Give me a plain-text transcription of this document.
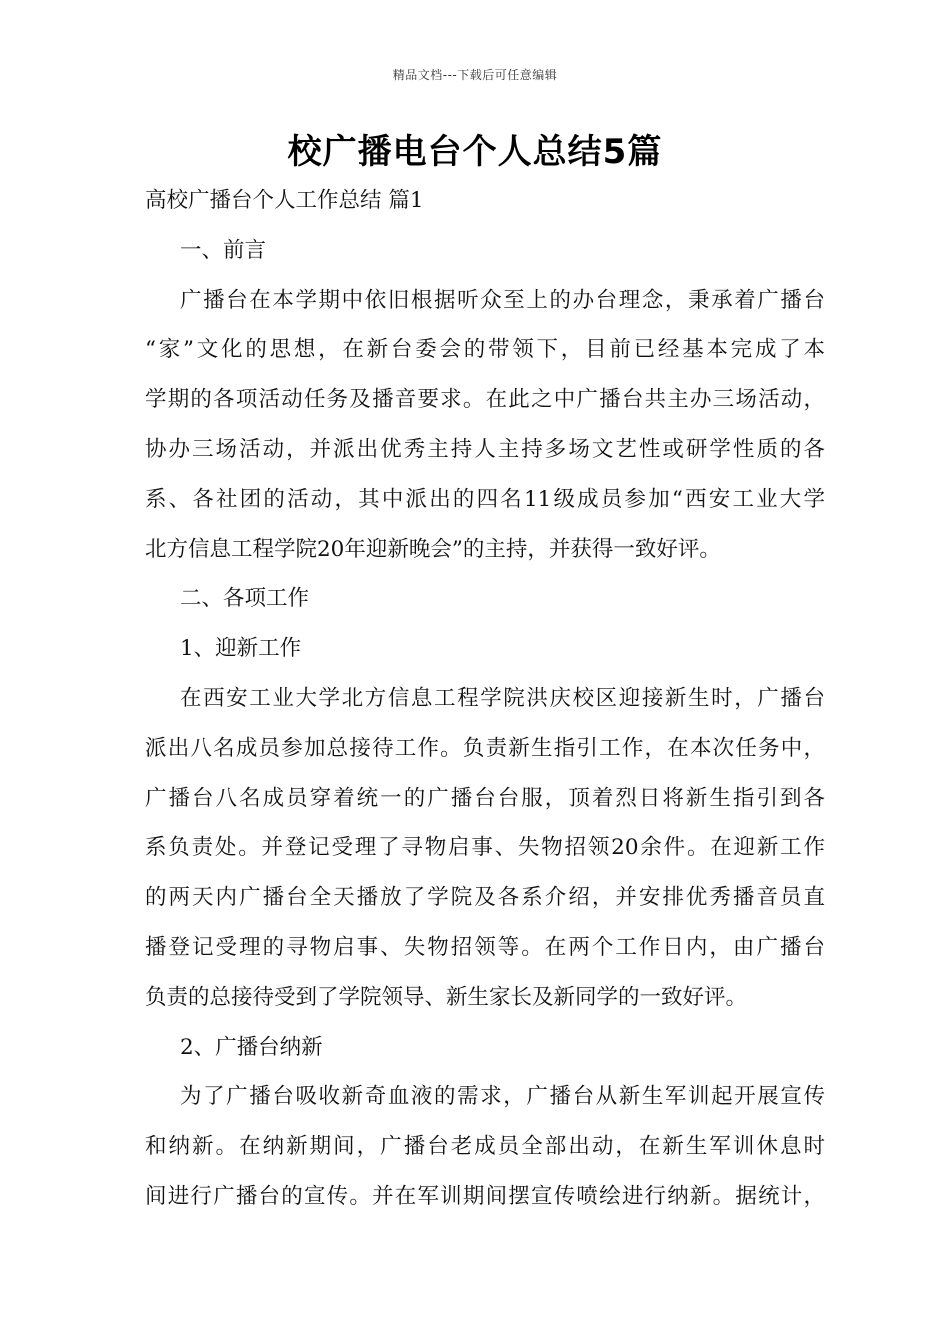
精品文档---下载后可任意编辑
校广播电台个人总结5篇
高校广播台个人工作总结 篇1
一、前言
广播台在本学期中依旧根据听众至上的办台理念，秉承着广播台
“家”文化的思想，在新台委会的带领下，目前已经基本完成了本
学期的各项活动任务及播音要求。在此之中广播台共主办三场活动，
协办三场活动，并派出优秀主持人主持多场文艺性或研学性质的各
系、各社团的活动，其中派出的四名11级成员参加“西安工业大学
北方信息工程学院20年迎新晚会”的主持，并获得一致好评。
二、各项工作
1、迎新工作
在西安工业大学北方信息工程学院洪庆校区迎接新生时，广播台
派出八名成员参加总接待工作。负责新生指引工作，在本次任务中，
广播台八名成员穿着统一的广播台台服，顶着烈日将新生指引到各
系负责处。并登记受理了寻物启事、失物招领20余件。在迎新工作
的两天内广播台全天播放了学院及各系介绍，并安排优秀播音员直
播登记受理的寻物启事、失物招领等。在两个工作日内，由广播台
负责的总接待受到了学院领导、新生家长及新同学的一致好评。
2、广播台纳新
为了广播台吸收新奇血液的需求，广播台从新生军训起开展宣传
和纳新。在纳新期间，广播台老成员全部出动，在新生军训休息时
间进行广播台的宣传。并在军训期间摆宣传喷绘进行纳新。据统计，
